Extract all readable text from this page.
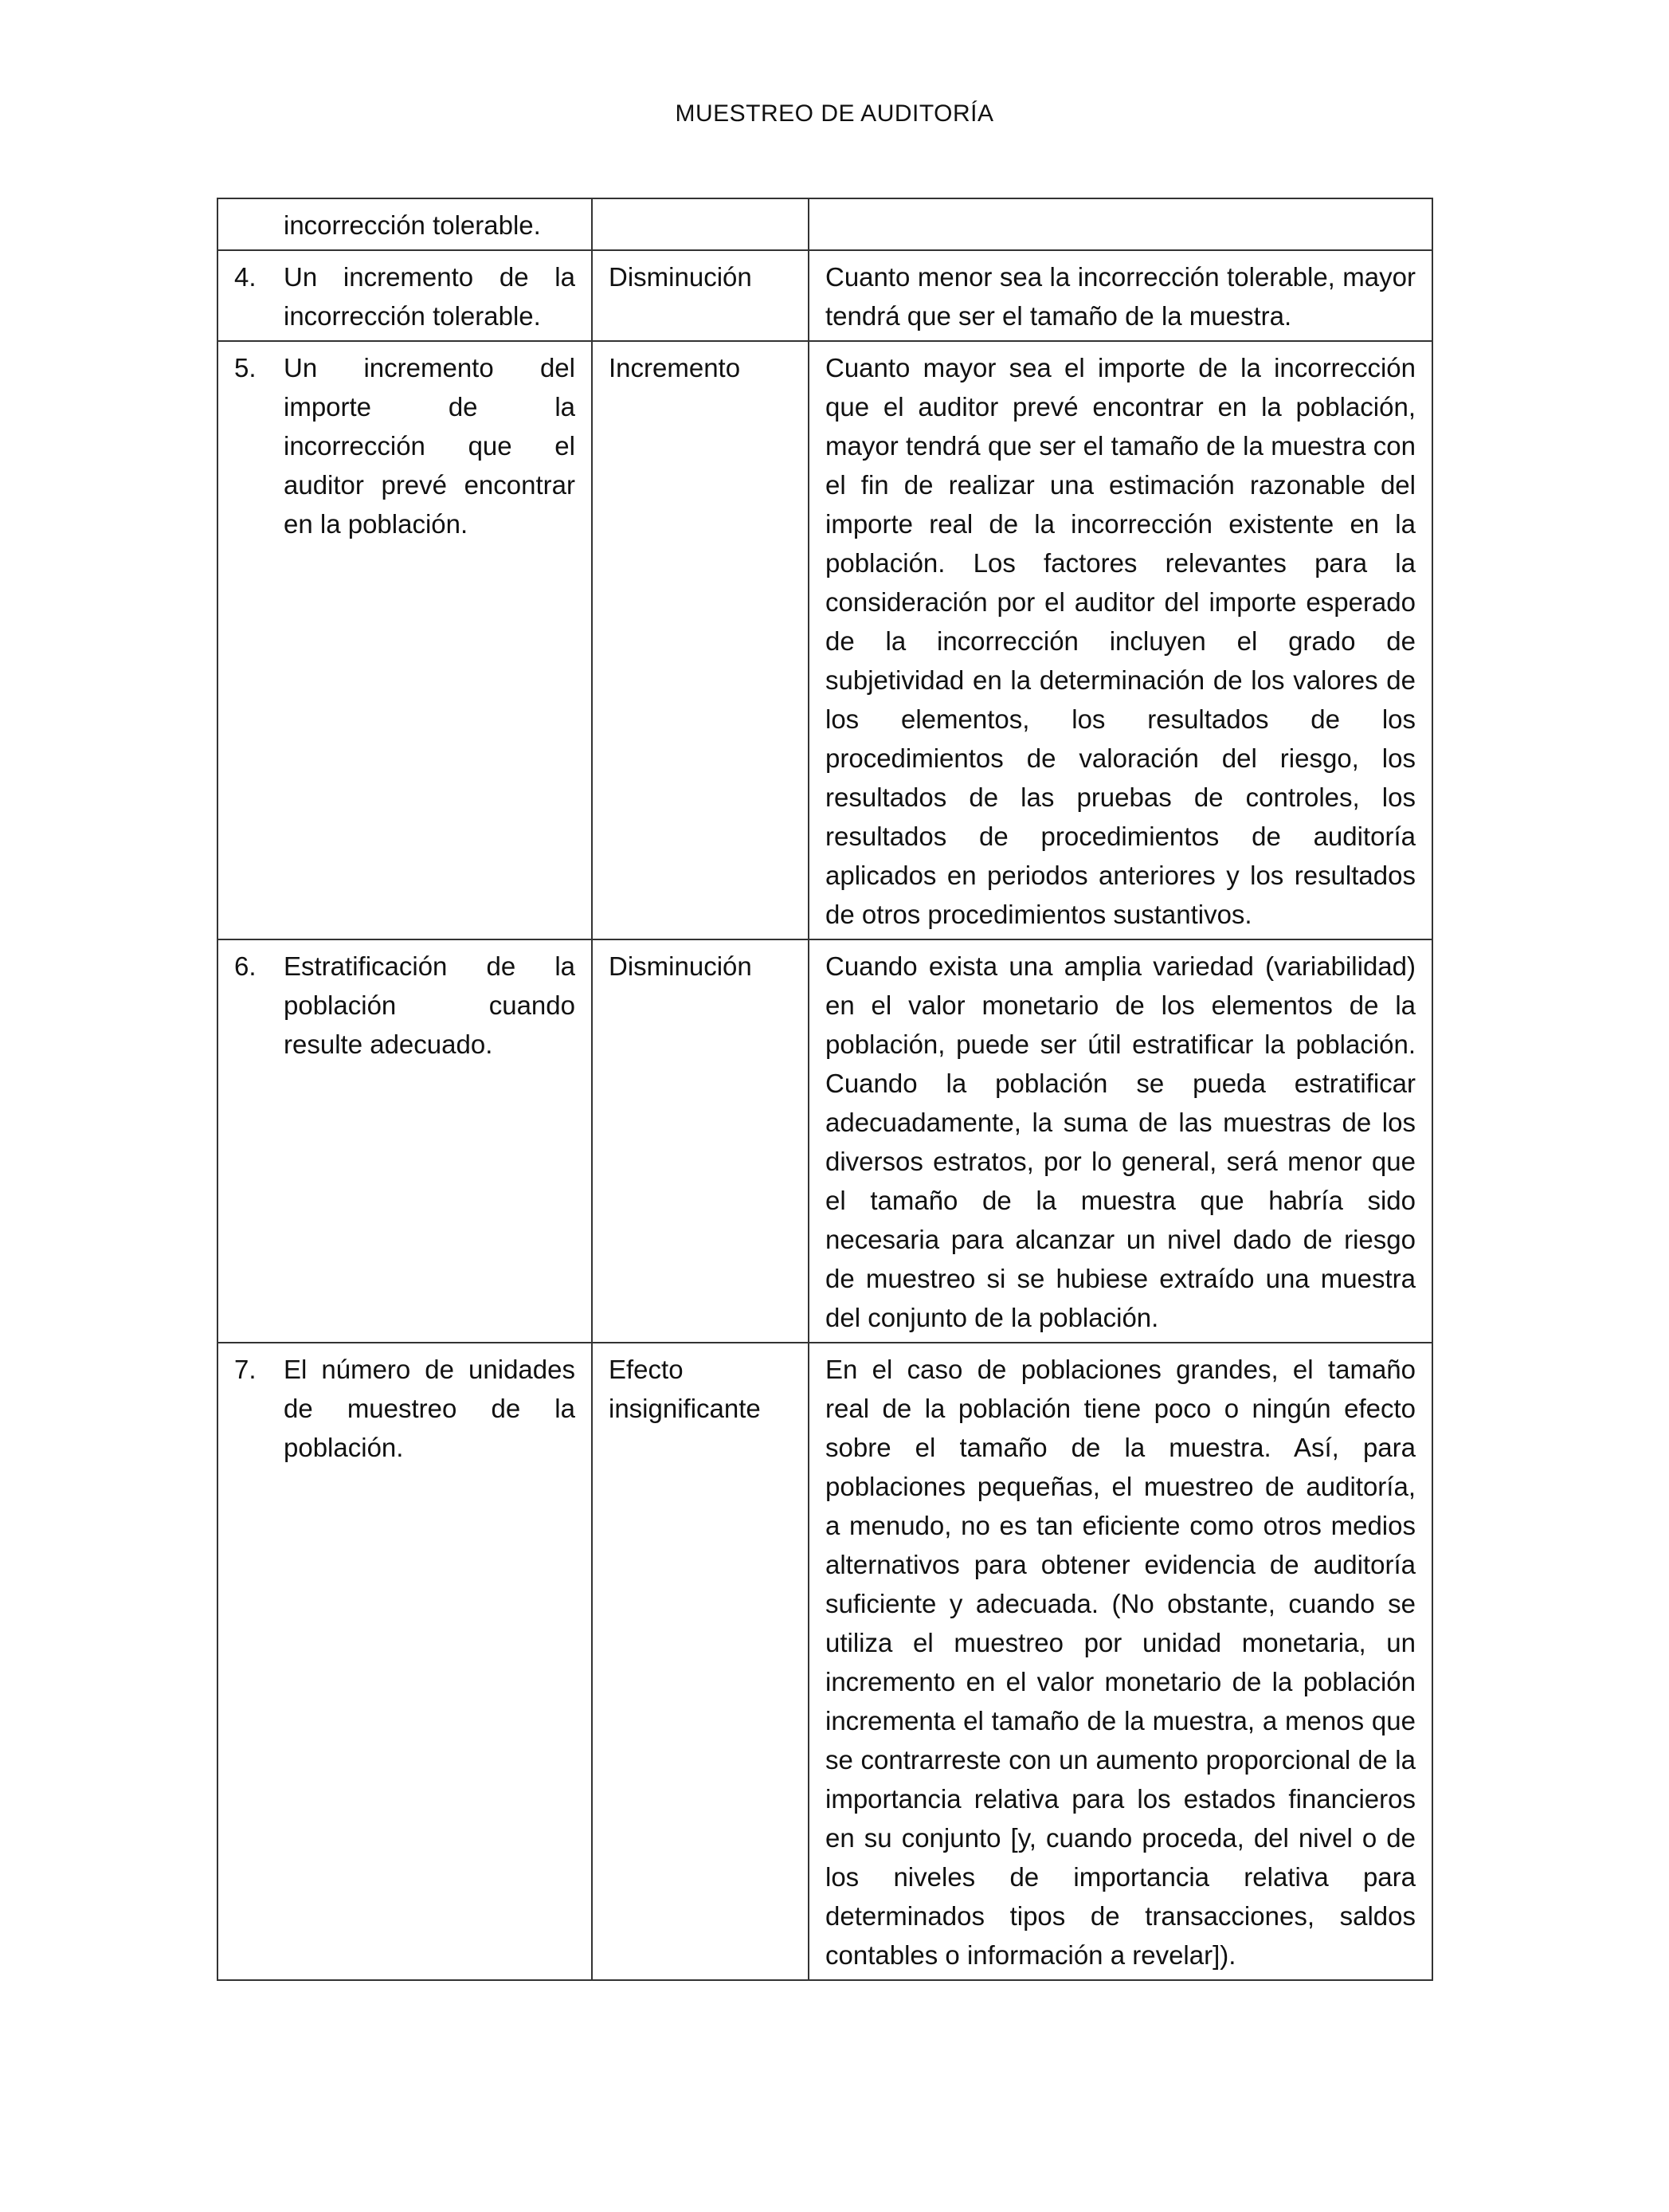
MUESTREO DE AUDITORÍA
incorrección tolerable.		

4. Un incremento de la incorrección tolerable.	Disminución	Cuanto menor sea la incorrección tolerable, mayor tendrá que ser el tamaño de la muestra.

5. Un incremento del importe de la incorrección que el auditor prevé encontrar en la población.	Incremento	Cuanto mayor sea el importe de la incorrección que el auditor prevé encontrar en la población, mayor tendrá que ser el tamaño de la muestra con el fin de realizar una estimación razonable del importe real de la incorrección existente en la población. Los factores relevantes para la consideración por el auditor del importe esperado de la incorrección incluyen el grado de subjetividad en la determinación de los valores de los elementos, los resultados de los procedimientos de valoración del riesgo, los resultados de las pruebas de controles, los resultados de procedimientos de auditoría aplicados en periodos anteriores y los resultados de otros procedimientos sustantivos.

6. Estratificación de la población cuando resulte adecuado.	Disminución	Cuando exista una amplia variedad (variabilidad) en el valor monetario de los elementos de la población, puede ser útil estratificar la población. Cuando la población se pueda estratificar adecuadamente, la suma de las muestras de los diversos estratos, por lo general, será menor que el tamaño de la muestra que habría sido necesaria para alcanzar un nivel dado de riesgo de muestreo si se hubiese extraído una muestra del conjunto de la población.

7. El número de unidades de muestreo de la población.	Efecto insignificante	En el caso de poblaciones grandes, el tamaño real de la población tiene poco o ningún efecto sobre el tamaño de la muestra. Así, para poblaciones pequeñas, el muestreo de auditoría, a menudo, no es tan eficiente como otros medios alternativos para obtener evidencia de auditoría suficiente y adecuada. (No obstante, cuando se utiliza el muestreo por unidad monetaria, un incremento en el valor monetario de la población incrementa el tamaño de la muestra, a menos que se contrarreste con un aumento proporcional de la importancia relativa para los estados financieros en su conjunto [y, cuando proceda, del nivel o de los niveles de importancia relativa para determinados tipos de transacciones, saldos contables o información a revelar]).
